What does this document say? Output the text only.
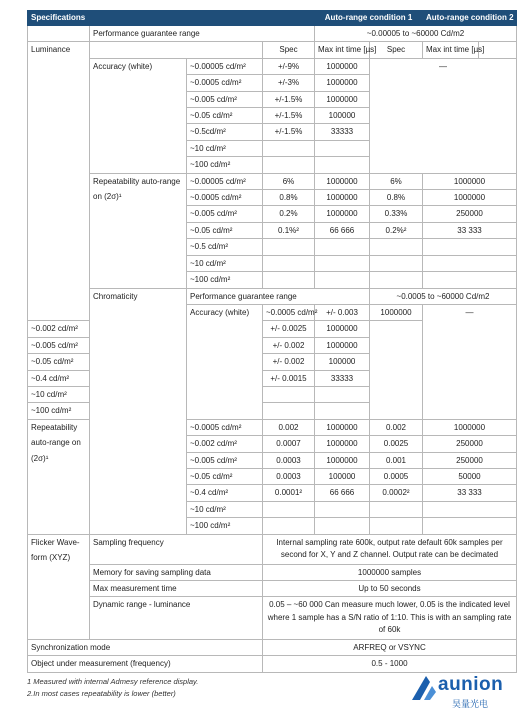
Specifications				Auto-range condition 1		Auto-range condition 2	
	Performance guarantee range			~0.00005 to ~60000 Cd/m2			
Luminance			Spec	Max int time [µs]	Spec	Max int time [µs]	
	Accuracy (white)	~0.00005 cd/m²	+/-9%	1000000	—		
		~0.0005 cd/m²	+/-3%	1000000			
		~0.005 cd/m²	+/-1.5%	1000000			
		~0.05 cd/m²	+/-1.5%	100000			
		~0.5cd/m²	+/-1.5%	33333			
		~10 cd/m²					
		~100 cd/m²					
	Repeatability auto-range on (2σ)¹	~0.00005 cd/m²	6%	1000000	6%	1000000	
		~0.0005 cd/m²	0.8%	1000000	0.8%	1000000	
		~0.005 cd/m²	0.2%	1000000	0.33%	250000	
		~0.05 cd/m²	0.1%²	66 666	0.2%²	33 333	
		~0.5 cd/m²					
		~10 cd/m²					
		~100 cd/m²					
	Chromaticity	Performance guarantee range			~0.0005 to ~60000 Cd/m2		
		Accuracy (white)	~0.0005 cd/m²	+/- 0.003	1000000	—	
~0.002 cd/m²			+/- 0.0025	1000000			
~0.005 cd/m²			+/- 0.002	1000000			
~0.05 cd/m²			+/- 0.002	100000			
~0.4 cd/m²			+/- 0.0015	33333			
~10 cd/m²							
~100 cd/m²							
Repeatability auto-range on (2σ)¹		~0.0005 cd/m²	0.002	1000000	0.002	1000000	
		~0.002 cd/m²	0.0007	1000000	0.0025	250000	
		~0.005 cd/m²	0.0003	1000000	0.001	250000	
		~0.05 cd/m²	0.0003	100000	0.0005	50000	
		~0.4 cd/m²	0.0001²	66 666	0.0002²	33 333	
		~10 cd/m²					
		~100 cd/m²					
Flicker Wave-form (XYZ)	Sampling frequency		Internal sampling rate 600k, output rate default 60k samples per second for X, Y and Z channel. Output rate can be decimated				
	Memory for saving sampling data		1000000 samples				
	Max measurement time		Up to 50 seconds				
	Dynamic range - luminance		0.05 – ~60 000 Can measure much lower, 0.05 is the indicated level where 1 sample has a S/N ratio of 1:10. This is with an sampling rate of 60k				
Synchronization mode			ARFREQ or VSYNC				
Object under measurement (frequency)			0.5 - 1000				
1 Measured with internal Admesy reference display.
2.In most cases repeatability is lower (better)	aunion
昊量光电
